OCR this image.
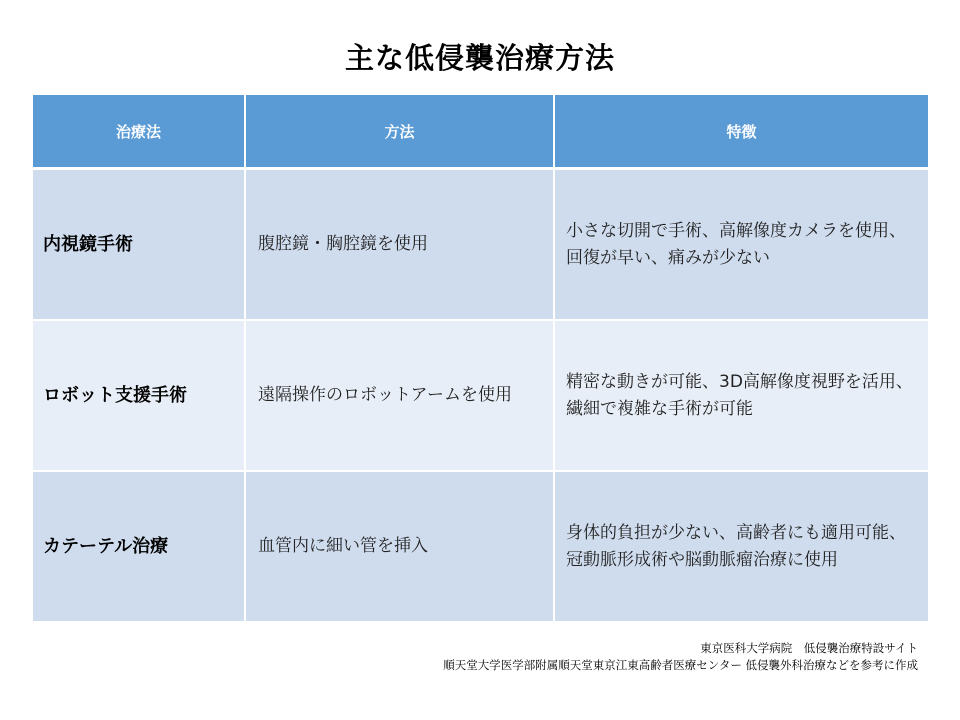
主な低侵襲治療方法
治療法	方法	特徴
内視鏡手術	腹腔鏡・胸腔鏡を使用	小さな切開で手術、高解像度カメラを使用、回復が早い、痛みが少ない
ロボット支援手術	遠隔操作のロボットアームを使用	精密な動きが可能、3D高解像度視野を活用、繊細で複雑な手術が可能
カテーテル治療	血管内に細い管を挿入	身体的負担が少ない、高齢者にも適用可能、冠動脈形成術や脳動脈瘤治療に使用
東京医科大学病院　低侵襲治療特設サイト
順天堂大学医学部附属順天堂東京江東高齢者医療センター 低侵襲外科治療などを参考に作成
